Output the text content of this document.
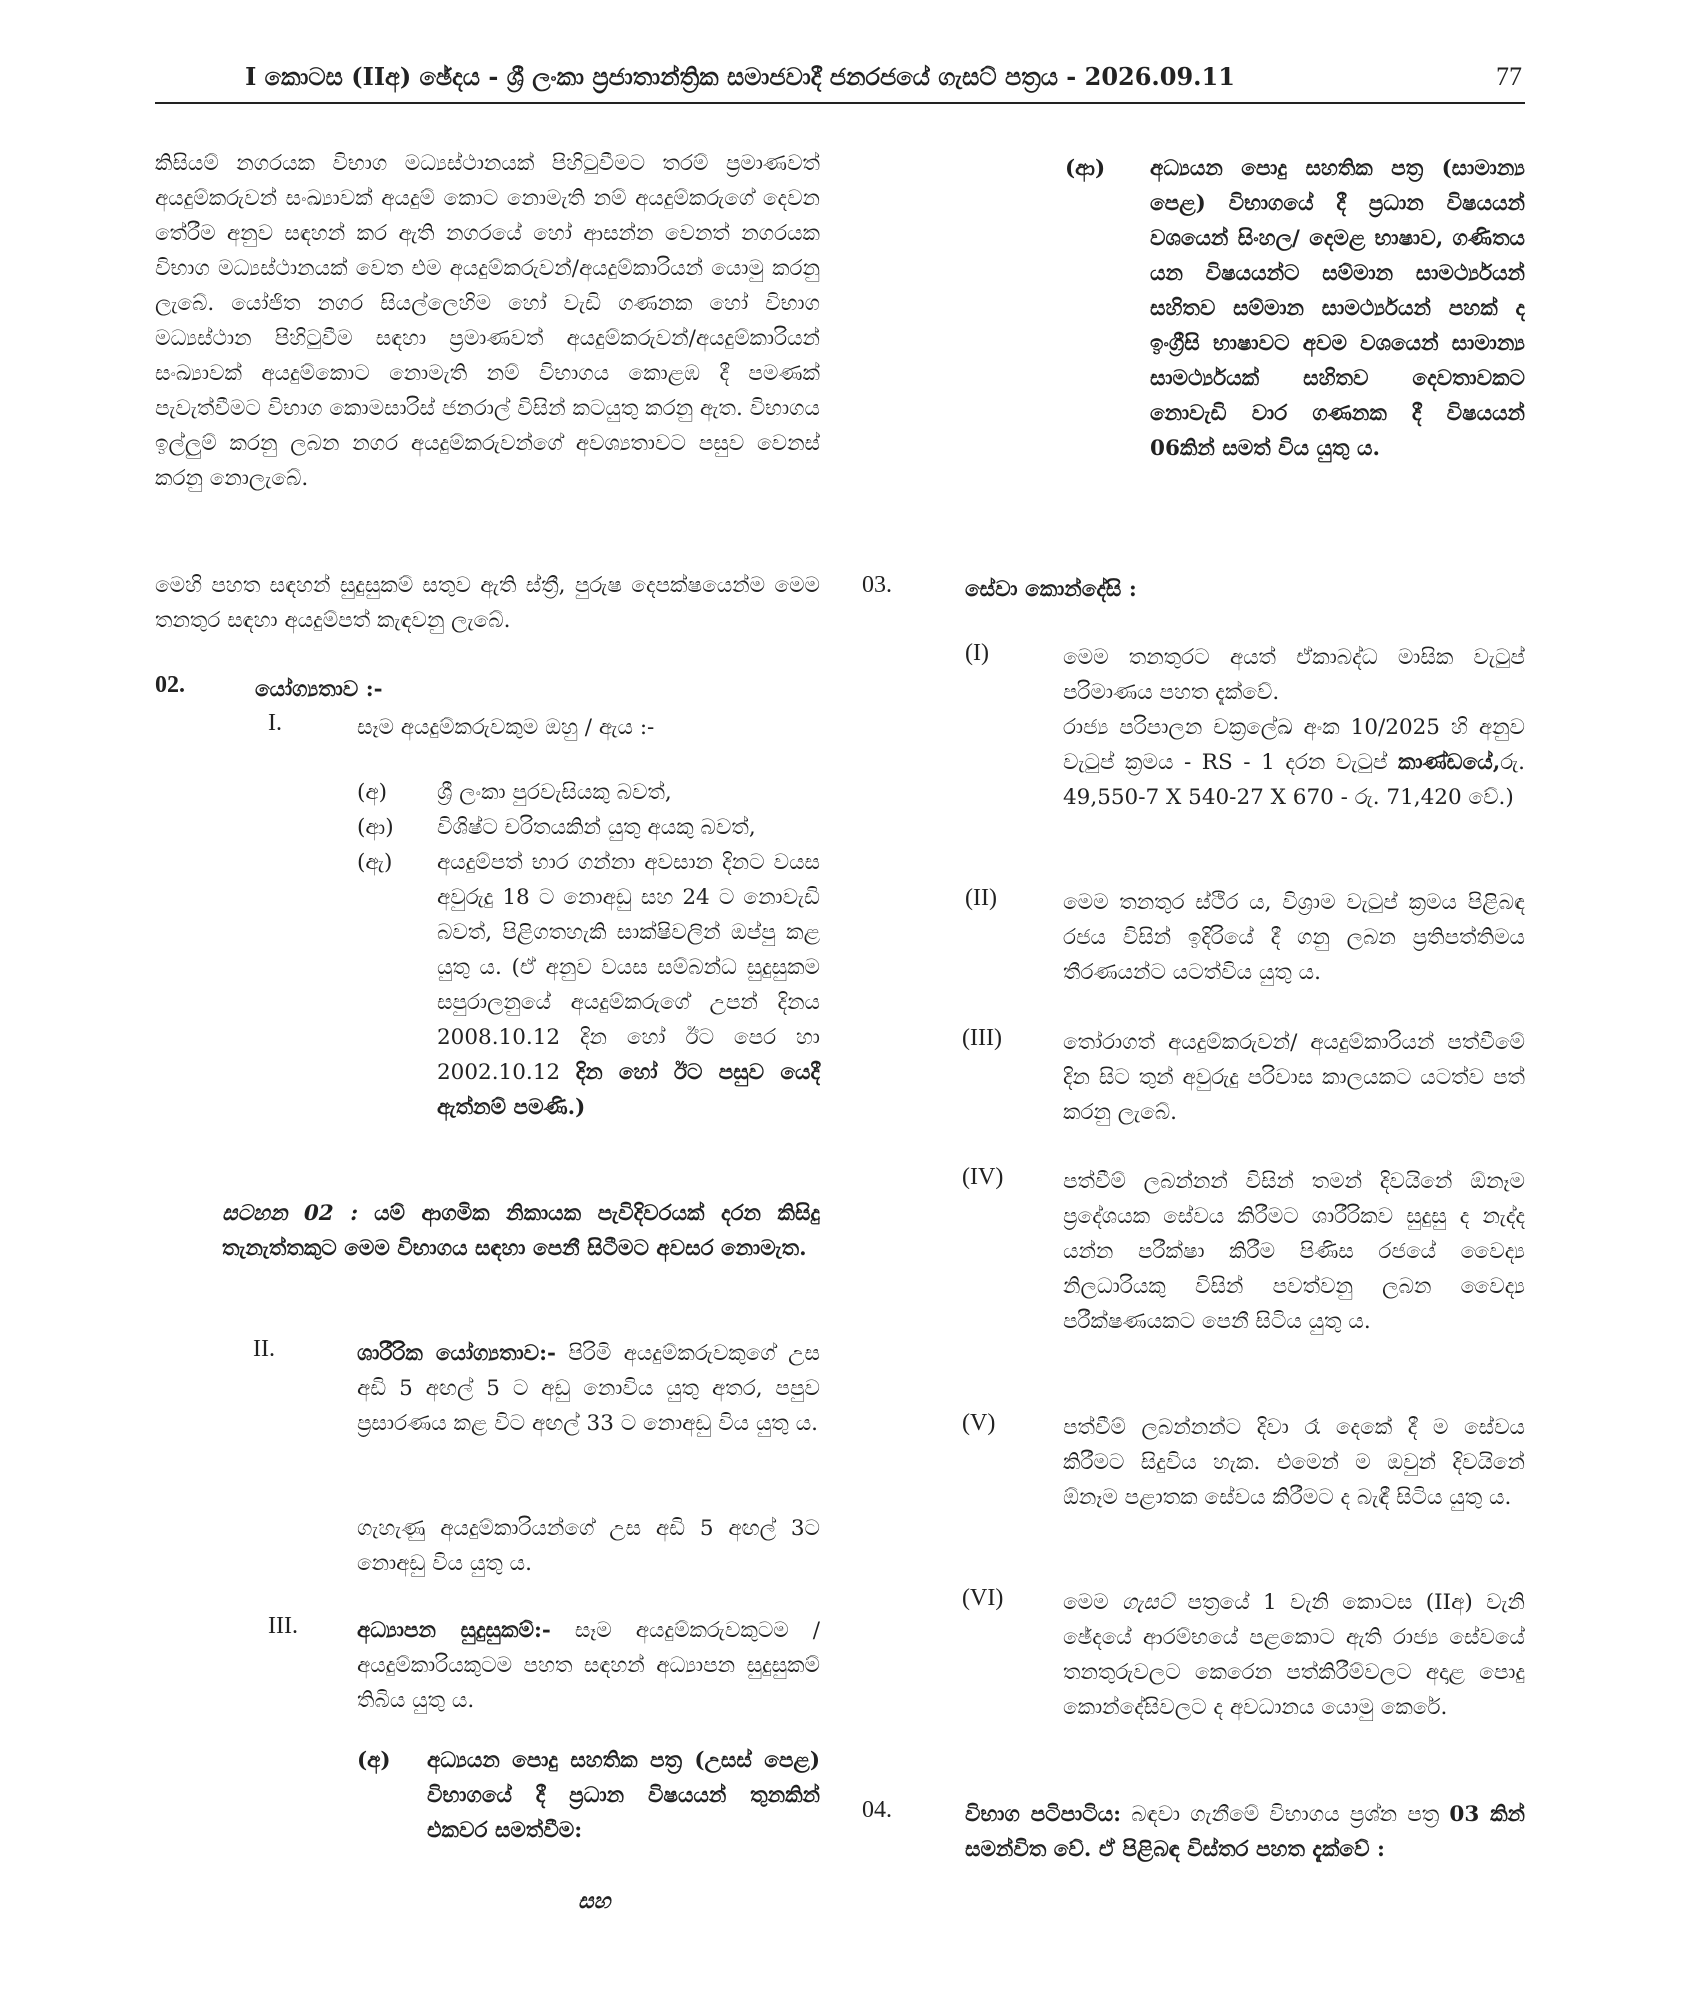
I කොටස (IIඅ) ඡේදය - ශ්‍රී ලංකා ප්‍රජාතාන්ත්‍රික සමාජවාදී ජනරජයේ ගැසට් පත්‍රය - 2026.09.11	77
කිසියම් නගරයක විභාග මධ්‍යස්ථානයක් පිහිටුවීමට තරම් ප්‍රමාණවත් අයදුම්කරුවන් සංඛ්‍යාවක් අයදුම් කොට නොමැති නම් අයදුම්කරුගේ දෙවන තේරීම අනුව සඳහන් කර ඇති නගරයේ හෝ ආසන්න වෙනත් නගරයක විභාග මධ්‍යස්ථානයක් වෙත එම අයදුම්කරුවන්/අයදුම්කාරියන් යොමු කරනු ලැබේ. යෝජිත නගර සියල්ලෙහිම හෝ වැඩි ගණනක හෝ විභාග මධ්‍යස්ථාන පිහිටුවීම සඳහා ප්‍රමාණවත් අයදුම්කරුවන්/අයදුම්කාරියන් සංඛ්‍යාවක් අයදුම්කොට නොමැති නම් විභාගය කොළඹ දී පමණක් පැවැත්වීමට විභාග කොමසාරිස් ජනරාල් විසින් කටයුතු කරනු ඇත. විභාගය ඉල්ලුම් කරනු ලබන නගර අයදුම්කරුවන්ගේ අවශ්‍යතාවට පසුව වෙනස් කරනු නොලැබේ.
මෙහි පහත සඳහන් සුදුසුකම් සතුව ඇති ස්ත්‍රී, පුරුෂ දෙපක්ෂයෙන්ම මෙම තනතුර සඳහා අයදුම්පත් කැඳවනු ලැබේ.
02.	යෝග්‍යතාව :-
I.	සෑම අයදුම්කරුවකුම ඔහු / ඇය :-
(අ) ශ්‍රී ලංකා පුරවැසියකු බවත්,
(ආ) විශිෂ්ට චරිතයකින් යුතු අයකු බවත්,
(ඇ) අයදුම්පත් භාර ගන්නා අවසාන දිනට වයස අවුරුදු 18 ට නොඅඩු සහ 24 ට නොවැඩි බවත්, පිළිගතහැකි සාක්ෂිවලින් ඔප්පු කළ යුතු ය. (ඒ අනුව වයස සම්බන්ධ සුදුසුකම සපුරාලනුයේ අයදුම්කරුගේ උපන් දිනය 2008.10.12 දින හෝ ඊට පෙර හා 2002.10.12 දින හෝ ඊට පසුව යෙදී ඇත්නම් පමණි.)
සටහන 02 : යම් ආගමික නිකායක පැවිදිවරයක් දරන කිසිදු තැනැත්තකුට මෙම විභාගය සඳහා පෙනී සිටීමට අවසර නොමැත.
II.	ශාරීරික යෝග්‍යතාව:- පිරිමි අයදුම්කරුවකුගේ උස අඩි 5 අඟල් 5 ට අඩු නොවිය යුතු අතර, පපුව ප්‍රසාරණය කළ විට අඟල් 33 ට නොඅඩු විය යුතු ය.
ගැහැණු අයදුම්කාරියන්ගේ උස අඩි 5 අඟල් 3ට නොඅඩු විය යුතු ය.
III.	අධ්‍යාපන සුදුසුකම්:- සෑම අයදුම්කරුවකුටම / අයදුම්කාරියකුටම පහත සඳහන් අධ්‍යාපන සුදුසුකම් තිබිය යුතු ය.
(අ) අධ්‍යයන පොදු සහතික පත්‍ර (උසස් පෙළ) විභාගයේ දී ප්‍රධාන විෂයයන් තුනකින් එකවර සමත්වීම:
සහ
(ආ) අධ්‍යයන පොදු සහතික පත්‍ර (සාමාන්‍ය පෙළ) විභාගයේ දී ප්‍රධාන විෂයයන් වශයෙන් සිංහල/ දෙමළ භාෂාව, ගණිතය යන විෂයයන්ට සම්මාන සාමර්ථ්‍යයන් සහිතව සම්මාන සාමර්ථ්‍යයන් පහක් ද ඉංග්‍රීසි භාෂාවට අවම වශයෙන් සාමාන්‍ය සාමර්ථ්‍යයක් සහිතව දෙවතාවකට නොවැඩි වාර ගණනක දී විෂයයන් 06කින් සමත් විය යුතු ය.
03.	සේවා කොන්දේසි :
(I)	මෙම තනතුරට අයත් ඒකාබද්ධ මාසික වැටුප් පරිමාණය පහත දැක්වේ.
රාජ්‍ය පරිපාලන චක්‍රලේඛ අංක 10/2025 හි අනුව වැටුප් ක්‍රමය - RS - 1 දරන වැටුප් කාණ්ඩයේ,රු. 49,550-7 X 540-27 X 670 - රු. 71,420 වේ.)
(II)	මෙම තනතුර ස්ථිර ය, විශ්‍රාම වැටුප් ක්‍රමය පිළිබඳ රජය විසින් ඉදිරියේ දී ගනු ලබන ප්‍රතිපත්තිමය තීරණයන්ට යටත්විය යුතු ය.
(III)	තෝරාගත් අයදුම්කරුවන්/ අයදුම්කාරියන් පත්වීමේ දින සිට තුන් අවුරුදු පරිවාස කාලයකට යටත්ව පත් කරනු ලැබේ.
(IV)	පත්වීම් ලබන්නන් විසින් තමන් දිවයිනේ ඕනෑම ප්‍රදේශයක සේවය කිරීමට ශාරීරිකව සුදුසු ද නැද්ද යන්න පරීක්ෂා කිරීම පිණිස රජයේ වෛද්‍ය නිලධාරියකු විසින් පවත්වනු ලබන වෛද්‍ය පරීක්ෂණයකට පෙනී සිටිය යුතු ය.
(V)	පත්වීම් ලබන්නන්ට දිවා රෑ දෙකේ දී ම සේවය කිරීමට සිදුවිය හැක. එමෙන් ම ඔවුන් දිවයිනේ ඕනෑම පළාතක සේවය කිරීමට ද බැඳී සිටිය යුතු ය.
(VI)	මෙම ගැසට් පත්‍රයේ 1 වැනි කොටස (IIඅ) වැනි ඡේදයේ ආරම්භයේ පළකොට ඇති රාජ්‍ය සේවයේ තනතුරුවලට කෙරෙන පත්කිරීම්වලට අදාළ පොදු කොන්දේසිවලට ද අවධානය යොමු කෙරේ.
04.	විභාග පටිපාටිය: බඳවා ගැනීමේ විභාගය ප්‍රශ්න පත්‍ර 03 කින් සමන්විත වේ. ඒ පිළිබඳ විස්තර පහත දැක්වේ :
